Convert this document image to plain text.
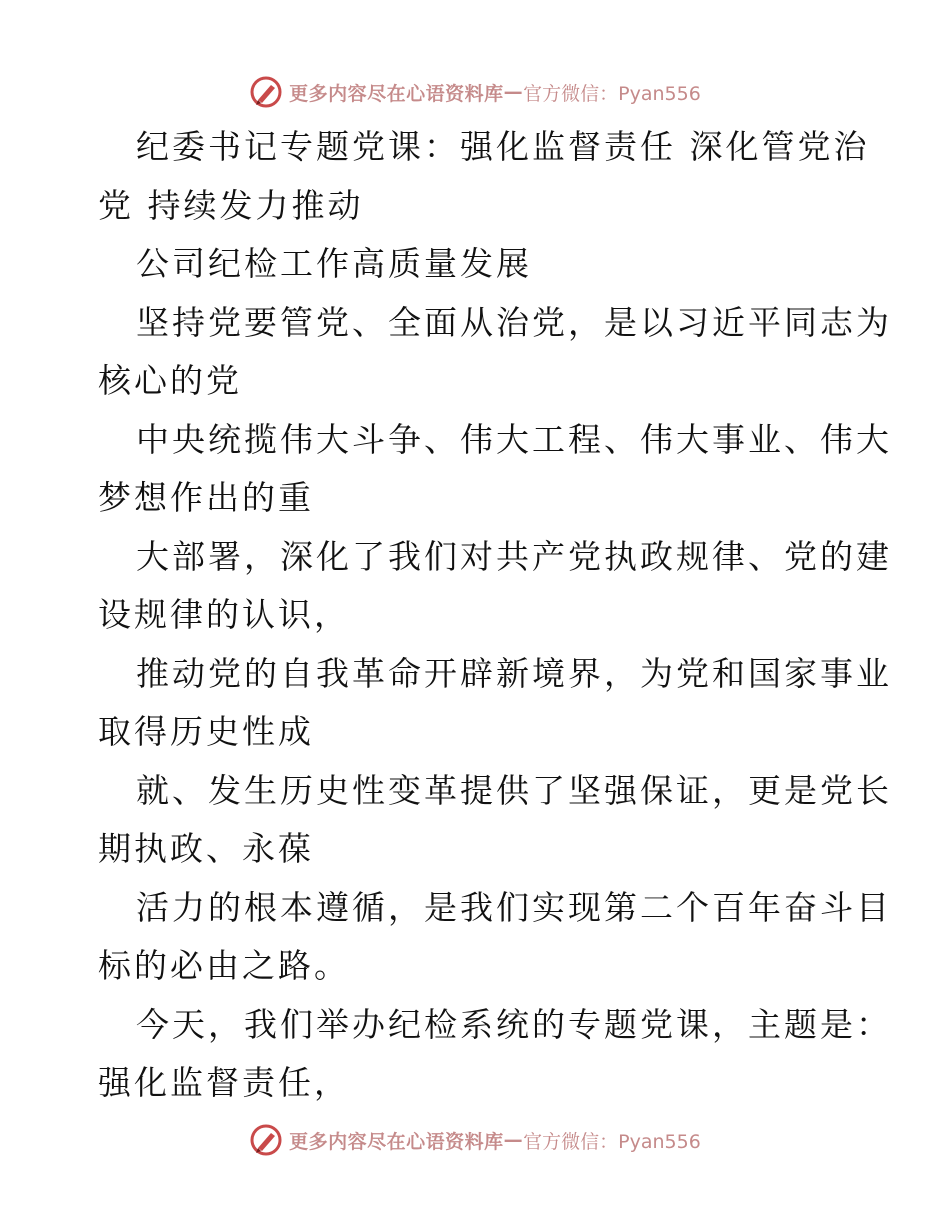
更多内容尽在心语资料库 — 官方微信：Pyan556
纪委书记专题党课：强化监督责任 深化管党治
党 持续发力推动
公司纪检工作高质量发展
坚持党要管党、全面从治党，是以习近平同志为
核心的党
中央统揽伟大斗争、伟大工程、伟大事业、伟大
梦想作出的重
大部署，深化了我们对共产党执政规律、党的建
设规律的认识，
推动党的自我革命开辟新境界，为党和国家事业
取得历史性成
就、发生历史性变革提供了坚强保证，更是党长
期执政、永葆
活力的根本遵循，是我们实现第二个百年奋斗目
标的必由之路。
今天，我们举办纪检系统的专题党课，主题是：
强化监督责任，
更多内容尽在心语资料库 — 官方微信：Pyan556
